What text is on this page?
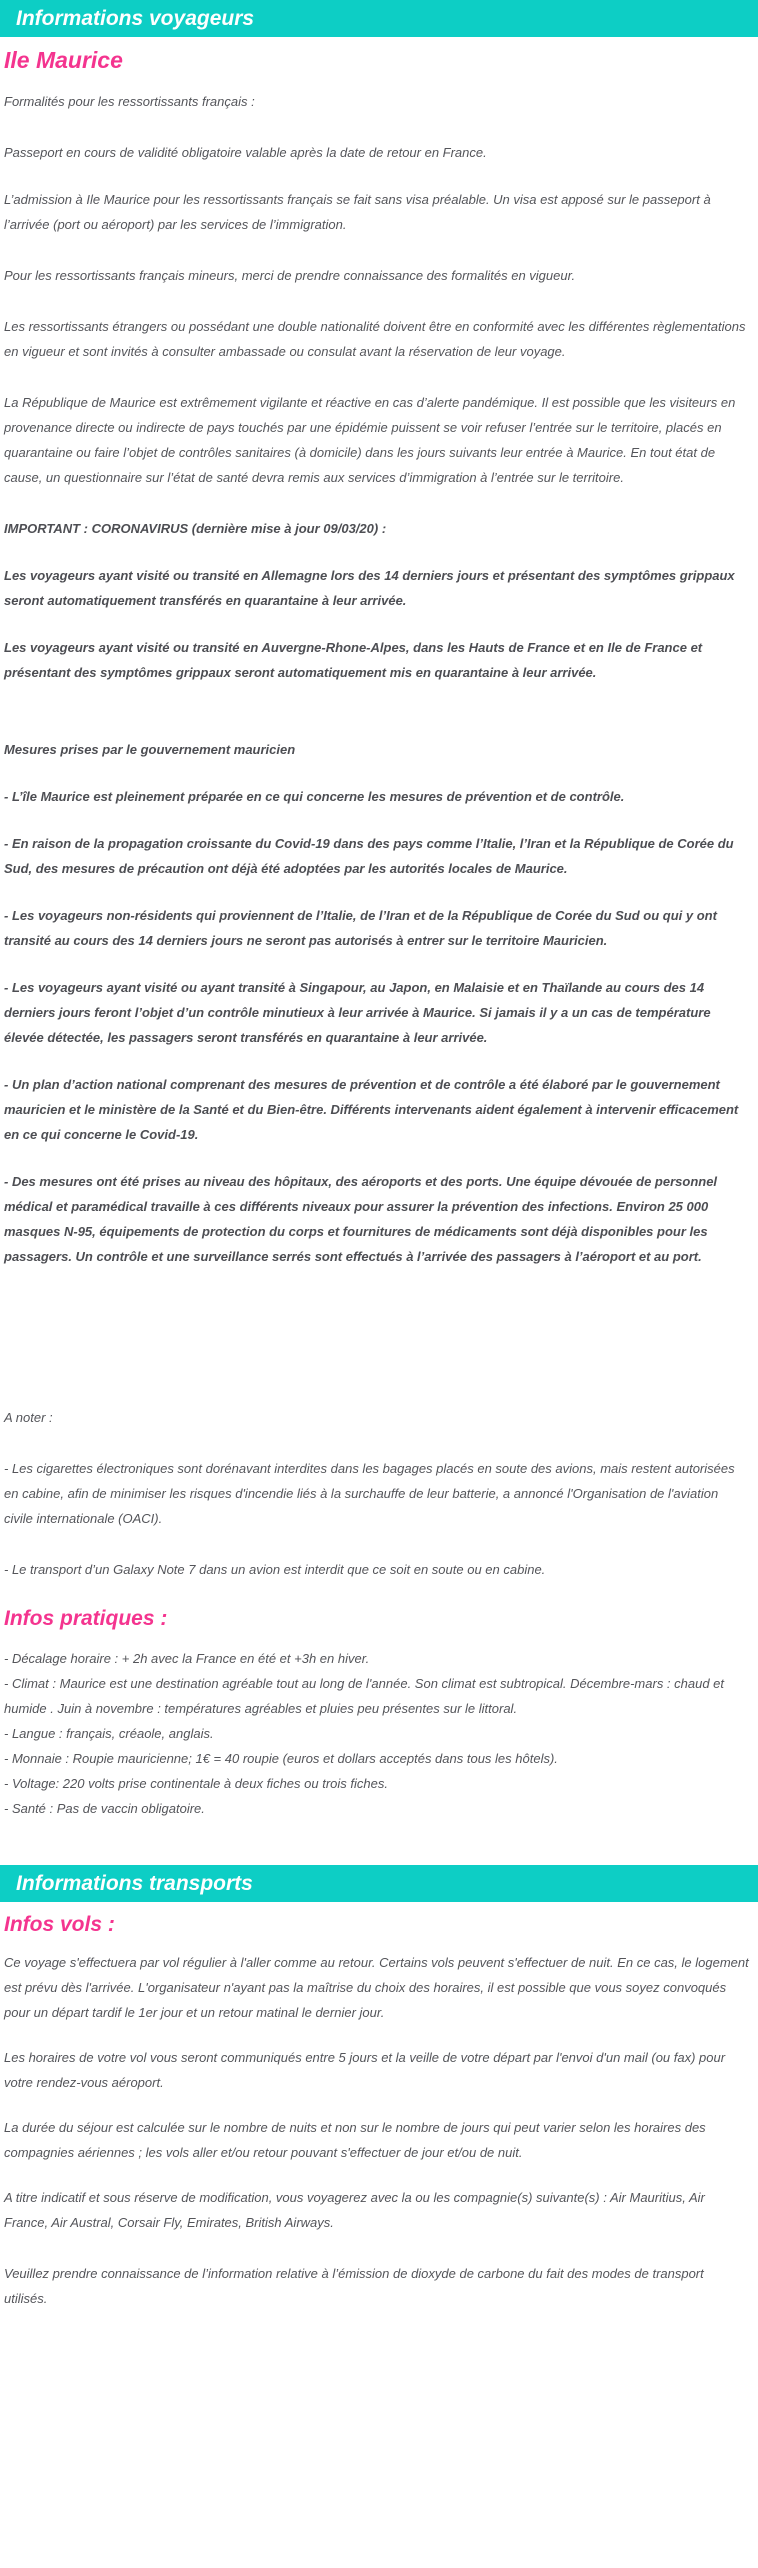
Informations voyageurs
Ile Maurice

Formalités pour les ressortissants français :

Passeport en cours de validité obligatoire valable après la date de retour en France.

L’admission à Ile Maurice pour les ressortissants français se fait sans visa préalable. Un visa est apposé sur le passeport à l’arrivée (port ou aéroport) par les services de l’immigration.

Pour les ressortissants français mineurs, merci de prendre connaissance des formalités en vigueur.

Les ressortissants étrangers ou possédant une double nationalité doivent être en conformité avec les différentes règlementations en vigueur et sont invités à consulter ambassade ou consulat avant la réservation de leur voyage.

La République de Maurice est extrêmement vigilante et réactive en cas d’alerte pandémique. Il est possible que les visiteurs en provenance directe ou indirecte de pays touchés par une épidémie puissent se voir refuser l’entrée sur le territoire, placés en quarantaine ou faire l’objet de contrôles sanitaires (à domicile) dans les jours suivants leur entrée à Maurice. En tout état de cause, un questionnaire sur l’état de santé devra remis aux services d’immigration à l’entrée sur le territoire.

IMPORTANT : CORONAVIRUS (dernière mise à jour 09/03/20) :

Les voyageurs ayant visité ou transité en Allemagne lors des 14 derniers jours et présentant des symptômes grippaux seront automatiquement transférés en quarantaine à leur arrivée.

Les voyageurs ayant visité ou transité en Auvergne-Rhone-Alpes, dans les Hauts de France et en Ile de France et présentant des symptômes grippaux seront automatiquement mis en quarantaine à leur arrivée.

Mesures prises par le gouvernement mauricien

- L’île Maurice est pleinement préparée en ce qui concerne les mesures de prévention et de contrôle.

- En raison de la propagation croissante du Covid-19 dans des pays comme l’Italie, l’Iran et la République de Corée du Sud, des mesures de précaution ont déjà été adoptées par les autorités locales de Maurice.

- Les voyageurs non-résidents qui proviennent de l’Italie, de l’Iran et de la République de Corée du Sud ou qui y ont transité au cours des 14 derniers jours ne seront pas autorisés à entrer sur le territoire Mauricien.

- Les voyageurs ayant visité ou ayant transité à Singapour, au Japon, en Malaisie et en Thaïlande au cours des 14 derniers jours feront l’objet d’un contrôle minutieux à leur arrivée à Maurice. Si jamais il y a un cas de température élevée détectée, les passagers seront transférés en quarantaine à leur arrivée.

- Un plan d’action national comprenant des mesures de prévention et de contrôle a été élaboré par le gouvernement mauricien et le ministère de la Santé et du Bien-être. Différents intervenants aident également à intervenir efficacement en ce qui concerne le Covid-19.

- Des mesures ont été prises au niveau des hôpitaux, des aéroports et des ports. Une équipe dévouée de personnel médical et paramédical travaille à ces différents niveaux pour assurer la prévention des infections. Environ 25 000 masques N-95, équipements de protection du corps et fournitures de médicaments sont déjà disponibles pour les passagers. Un contrôle et une surveillance serrés sont effectués à l’arrivée des passagers à l’aéroport et au port.

A noter :

- Les cigarettes électroniques sont dorénavant interdites dans les bagages placés en soute des avions, mais restent autorisées en cabine, afin de minimiser les risques d'incendie liés à la surchauffe de leur batterie, a annoncé l'Organisation de l'aviation civile internationale (OACI).

- Le transport d’un Galaxy Note 7 dans un avion est interdit que ce soit en soute ou en cabine.

Infos pratiques :

- Décalage horaire : + 2h avec la France en été et +3h en hiver.

- Climat : Maurice est une destination agréable tout au long de l'année. Son climat est subtropical. Décembre-mars : chaud et humide . Juin à novembre : températures agréables et pluies peu présentes sur le littoral.

- Langue : français, créaole, anglais.

- Monnaie : Roupie mauricienne; 1€ = 40 roupie (euros et dollars acceptés dans tous les hôtels).

- Voltage: 220 volts prise continentale à deux fiches ou trois fiches.

- Santé : Pas de vaccin obligatoire.

Informations transports
Infos vols :

Ce voyage s'effectuera par vol régulier à l'aller comme au retour. Certains vols peuvent s'effectuer de nuit. En ce cas, le logement est prévu dès l'arrivée. L'organisateur n'ayant pas la maîtrise du choix des horaires, il est possible que vous soyez convoqués pour un départ tardif le 1er jour et un retour matinal le dernier jour.

Les horaires de votre vol vous seront communiqués entre 5 jours et la veille de votre départ par l'envoi d'un mail (ou fax) pour votre rendez-vous aéroport.

La durée du séjour est calculée sur le nombre de nuits et non sur le nombre de jours qui peut varier selon les horaires des compagnies aériennes ; les vols aller et/ou retour pouvant s'effectuer de jour et/ou de nuit.

A titre indicatif et sous réserve de modification, vous voyagerez avec la ou les compagnie(s) suivante(s) : Air Mauritius, Air France, Air Austral, Corsair Fly, Emirates, British Airways.

Veuillez prendre connaissance de l’information relative à l’émission de dioxyde de carbone du fait des modes de transport utilisés.
